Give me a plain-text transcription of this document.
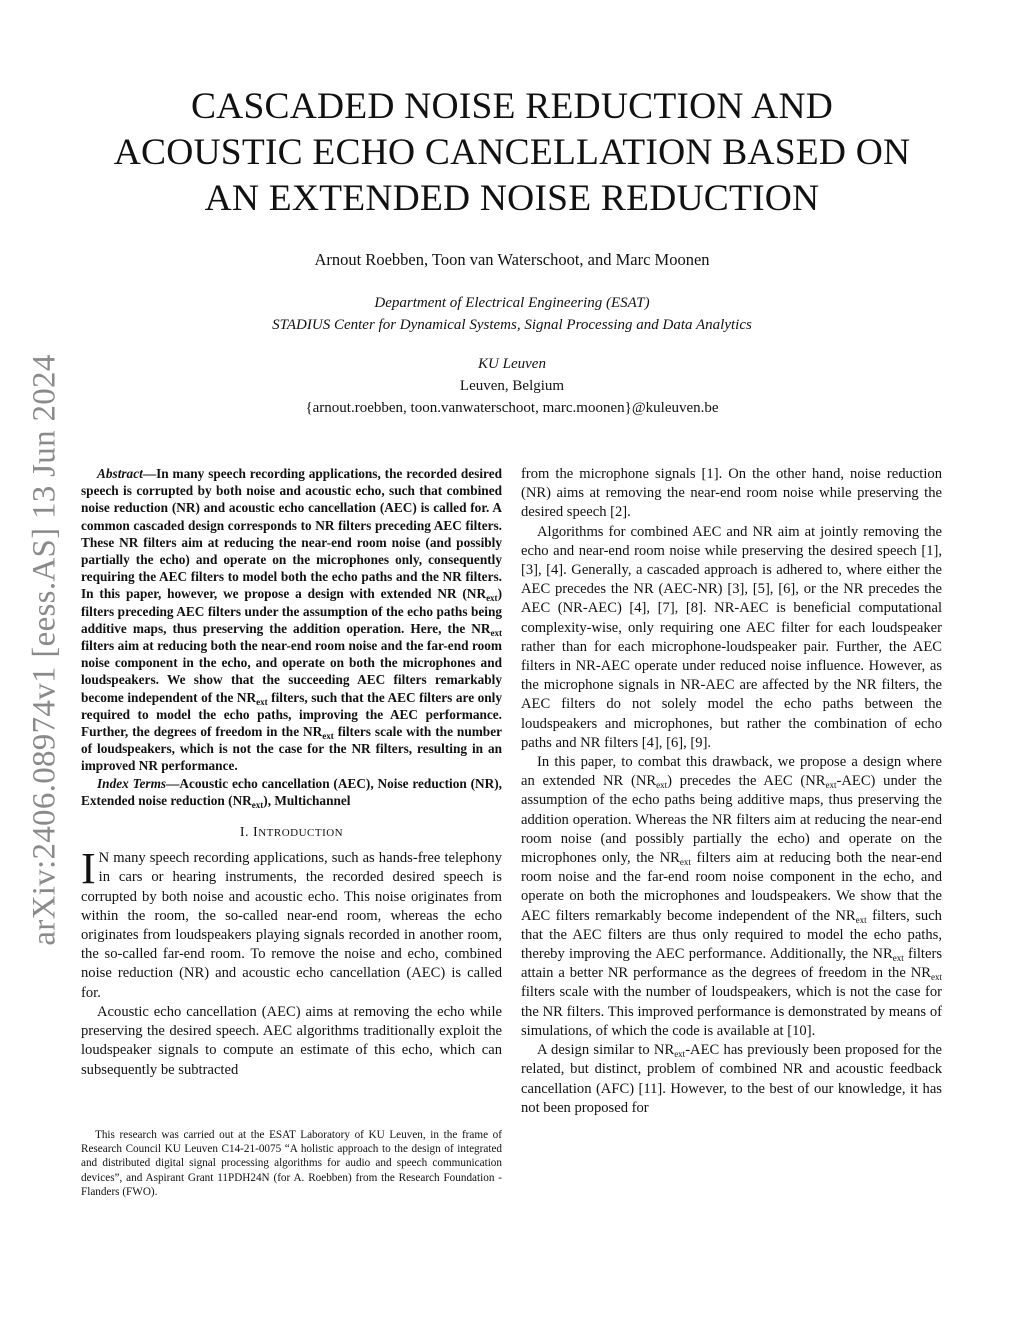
arXiv:2406.08974v1 [eess.AS] 13 Jun 2024
CASCADED NOISE REDUCTION AND
ACOUSTIC ECHO CANCELLATION BASED ON
AN EXTENDED NOISE REDUCTION
Arnout Roebben, Toon van Waterschoot, and Marc Moonen
Department of Electrical Engineering (ESAT)
STADIUS Center for Dynamical Systems, Signal Processing and Data Analytics
KU Leuven
Leuven, Belgium
{arnout.roebben, toon.vanwaterschoot, marc.moonen}@kuleuven.be

Abstract—In many speech recording applications, the recorded desired speech is corrupted by both noise and acoustic echo, such that combined noise reduction (NR) and acoustic echo cancellation (AEC) is called for. A common cascaded design corresponds to NR filters preceding AEC filters. These NR filters aim at reducing the near-end room noise (and possibly partially the echo) and operate on the microphones only, consequently requiring the AEC filters to model both the echo paths and the NR filters. In this paper, however, we propose a design with extended NR $(NR_{ext})$ filters preceding AEC filters under the assumption of the echo paths being additive maps, thus preserving the addition operation. Here, the $NR_{ext}$ filters aim at reducing both the near-end room noise and the far-end room noise component in the echo, and operate on both the microphones and loudspeakers. We show that the succeeding AEC filters remarkably become independent of the $NR_{ext}$ filters, such that the AEC filters are only required to model the echo paths, improving the AEC performance. Further, the degrees of freedom in the $NR_{ext}$ filters scale with the number of loudspeakers, which is not the case for the NR filters, resulting in an improved NR performance.

Index Terms—Acoustic echo cancellation (AEC), Noise reduction (NR), Extended noise reduction $(NR_{ext})$, Multichannel

I. INTRODUCTION

I N many speech recording applications, such as hands-free telephony in cars or hearing instruments, the recorded desired speech is corrupted by both noise and acoustic echo. This noise originates from within the room, the so-called near-end room, whereas the echo originates from loudspeakers playing signals recorded in another room, the so-called far-end room. To remove the noise and echo, combined noise reduction (NR) and acoustic echo cancellation (AEC) is called for.

Acoustic echo cancellation (AEC) aims at removing the echo while preserving the desired speech. AEC algorithms traditionally exploit the loudspeaker signals to compute an estimate of this echo, which can subsequently be subtracted

This research was carried out at the ESAT Laboratory of KU Leuven, in the frame of Research Council KU Leuven C14-21-0075 “A holistic approach to the design of integrated and distributed digital signal processing algorithms for audio and speech communication devices”, and Aspirant Grant 11PDH24N (for A. Roebben) from the Research Foundation - Flanders (FWO).

from the microphone signals [1]. On the other hand, noise reduction (NR) aims at removing the near-end room noise while preserving the desired speech [2].

Algorithms for combined AEC and NR aim at jointly removing the echo and near-end room noise while preserving the desired speech [1], [3], [4]. Generally, a cascaded approach is adhered to, where either the AEC precedes the NR (AEC-NR) [3], [5], [6], or the NR precedes the AEC (NR-AEC) [4], [7], [8]. NR-AEC is beneficial computational complexity-wise, only requiring one AEC filter for each loudspeaker rather than for each microphone-loudspeaker pair. Further, the AEC filters in NR-AEC operate under reduced noise influence. However, as the microphone signals in NR-AEC are affected by the NR filters, the AEC filters do not solely model the echo paths between the loudspeakers and microphones, but rather the combination of echo paths and NR filters [4], [6], [9].

In this paper, to combat this drawback, we propose a design where an extended NR $(NR_{ext})$ precedes the AEC $(NR_{ext}-AEC)$ under the assumption of the echo paths being additive maps, thus preserving the addition operation. Whereas the NR filters aim at reducing the near-end room noise (and possibly partially the echo) and operate on the microphones only, the $NR_{ext}$ filters aim at reducing both the near-end room noise and the far-end room noise component in the echo, and operate on both the microphones and loudspeakers. We show that the AEC filters remarkably become independent of the $NR_{ext}$ filters, such that the AEC filters are thus only required to model the echo paths, thereby improving the AEC performance. Additionally, the $NR_{ext}$ filters attain a better NR performance as the degrees of freedom in the $NR_{ext}$ filters scale with the number of loudspeakers, which is not the case for the NR filters. This improved performance is demonstrated by means of simulations, of which the code is available at [10].

A design similar to $NR_{ext}$-AEC has previously been proposed for the related, but distinct, problem of combined NR and acoustic feedback cancellation (AFC) [11]. However, to the best of our knowledge, it has not been proposed for
